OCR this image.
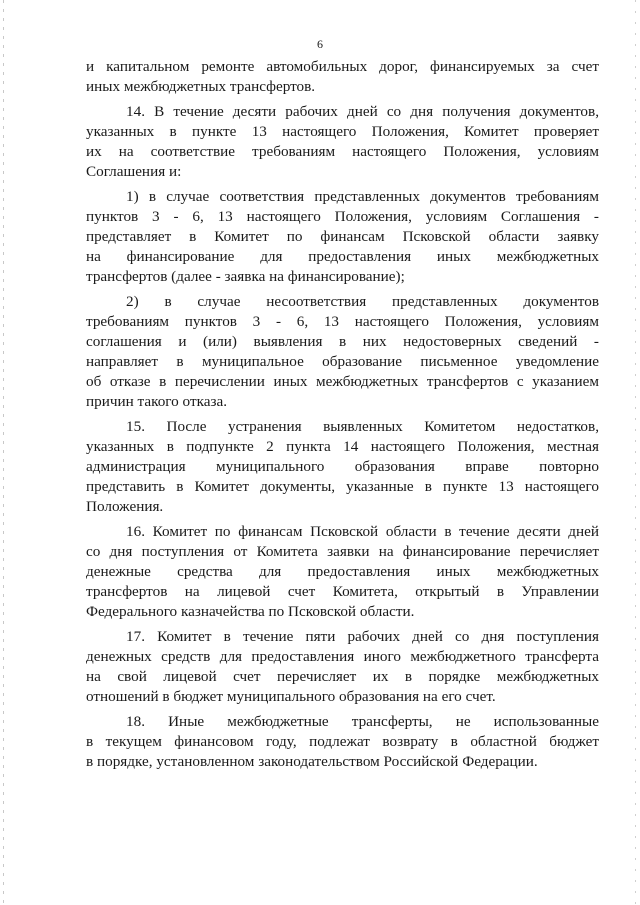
6
и капитальном ремонте автомобильных дорог, финансируемых за счет
иных межбюджетных трансфертов.
14. В течение десяти рабочих дней со дня получения документов,
указанных в пункте 13 настоящего Положения, Комитет проверяет
их на соответствие требованиям настоящего Положения, условиям
Соглашения и:
1) в случае соответствия представленных документов требованиям
пунктов 3 - 6, 13 настоящего Положения, условиям Соглашения -
представляет в Комитет по финансам Псковской области заявку
на финансирование для предоставления иных межбюджетных
трансфертов (далее - заявка на финансирование);
2) в случае несоответствия представленных документов
требованиям пунктов 3 - 6, 13 настоящего Положения, условиям
соглашения и (или) выявления в них недостоверных сведений -
направляет в муниципальное образование письменное уведомление
об отказе в перечислении иных межбюджетных трансфертов с указанием
причин такого отказа.
15. После устранения выявленных Комитетом недостатков,
указанных в подпункте 2 пункта 14 настоящего Положения, местная
администрация муниципального образования вправе повторно
представить в Комитет документы, указанные в пункте 13 настоящего
Положения.
16. Комитет по финансам Псковской области в течение десяти дней
со дня поступления от Комитета заявки на финансирование перечисляет
денежные средства для предоставления иных межбюджетных
трансфертов на лицевой счет Комитета, открытый в Управлении
Федерального казначейства по Псковской области.
17. Комитет в течение пяти рабочих дней со дня поступления
денежных средств для предоставления иного межбюджетного трансферта
на свой лицевой счет перечисляет их в порядке межбюджетных
отношений в бюджет муниципального образования на его счет.
18. Иные межбюджетные трансферты, не использованные
в текущем финансовом году, подлежат возврату в областной бюджет
в порядке, установленном законодательством Российской Федерации.
